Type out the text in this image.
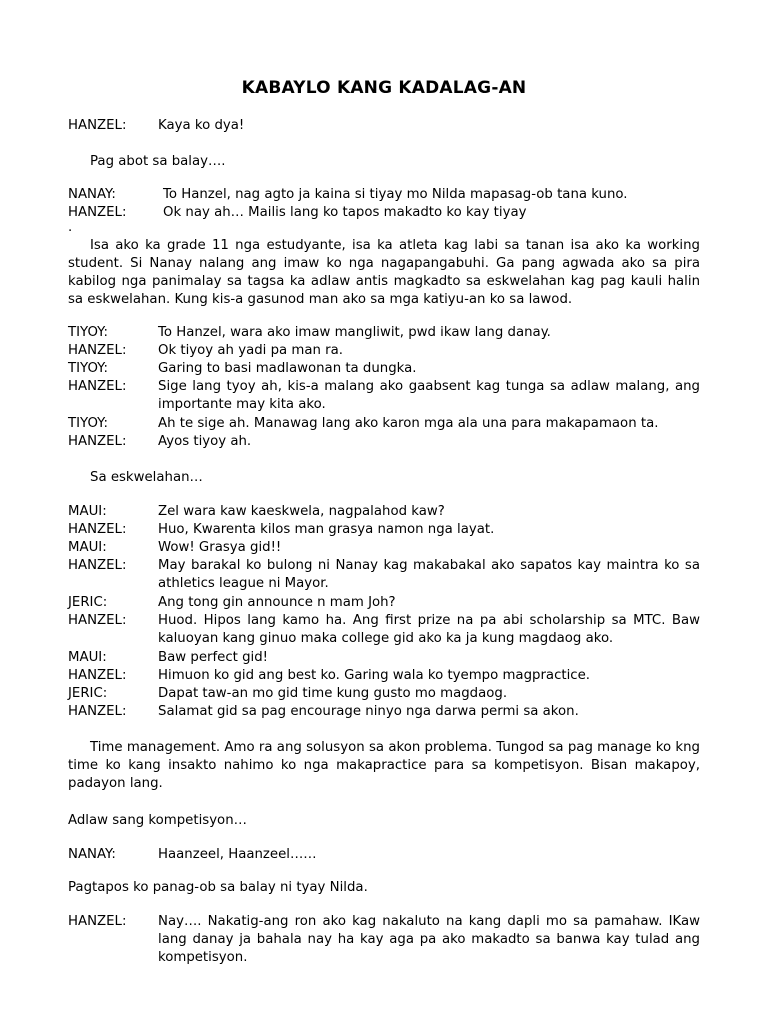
KABAYLO KANG KADALAG-AN
HANZEL: Kaya ko dya!
Pag abot sa balay….
NANAY:	To Hanzel, nag agto ja kaina si tiyay mo Nilda mapasag-ob tana kuno.
HANZEL:	Ok nay ah… Mailis lang ko tapos makadto ko kay tiyay
.
Isa ako ka grade 11 nga estudyante, isa ka atleta kag labi sa tanan isa ako ka working student. Si Nanay nalang ang imaw ko nga nagapangabuhi. Ga pang agwada ako sa pira kabilog nga panimalay sa tagsa ka adlaw antis magkadto sa eskwelahan kag pag kauli halin sa eskwelahan. Kung kis-a gasunod man ako sa mga katiyu-an ko sa lawod.
TIYOY:	To Hanzel, wara ako imaw mangliwit, pwd ikaw lang danay.
HANZEL: Ok tiyoy ah yadi pa man ra.
TIYOY:	Garing to basi madlawonan ta dungka.
HANZEL: Sige lang tyoy ah, kis-a malang ako gaabsent kag tunga sa adlaw malang, ang importante may kita ako.
TIYOY:	Ah te sige ah. Manawag lang ako karon mga ala una para makapamaon ta.
HANZEL: Ayos tiyoy ah.
Sa eskwelahan…
MAUI:	Zel wara kaw kaeskwela, nagpalahod kaw?
HANZEL: Huo, Kwarenta kilos man grasya namon nga layat.
MAUI:	Wow! Grasya gid!!
HANZEL: May barakal ko bulong ni Nanay kag makabakal ako sapatos kay maintra ko sa athletics league ni Mayor.
JERIC:	Ang tong gin announce n mam Joh?
HANZEL: Huod. Hipos lang kamo ha. Ang first prize na pa abi scholarship sa MTC. Baw kaluoyan kang ginuo maka college gid ako ka ja kung magdaog ako.
MAUI:	Baw perfect gid!
HANZEL: Himuon ko gid ang best ko. Garing wala ko tyempo magpractice.
JERIC:	Dapat taw-an mo gid time kung gusto mo magdaog.
HANZEL: Salamat gid sa pag encourage ninyo nga darwa permi sa akon.
Time management. Amo ra ang solusyon sa akon problema. Tungod sa pag manage ko kng time ko kang insakto nahimo ko nga makapractice para sa kompetisyon. Bisan makapoy, padayon lang.
Adlaw sang kompetisyon…
NANAY:	Haanzeel, Haanzeel……
Pagtapos ko panag-ob sa balay ni tyay Nilda.
HANZEL: Nay…. Nakatig-ang ron ako kag nakaluto na kang dapli mo sa pamahaw. IKaw lang danay ja bahala nay ha kay aga pa ako makadto sa banwa kay tulad ang kompetisyon.
